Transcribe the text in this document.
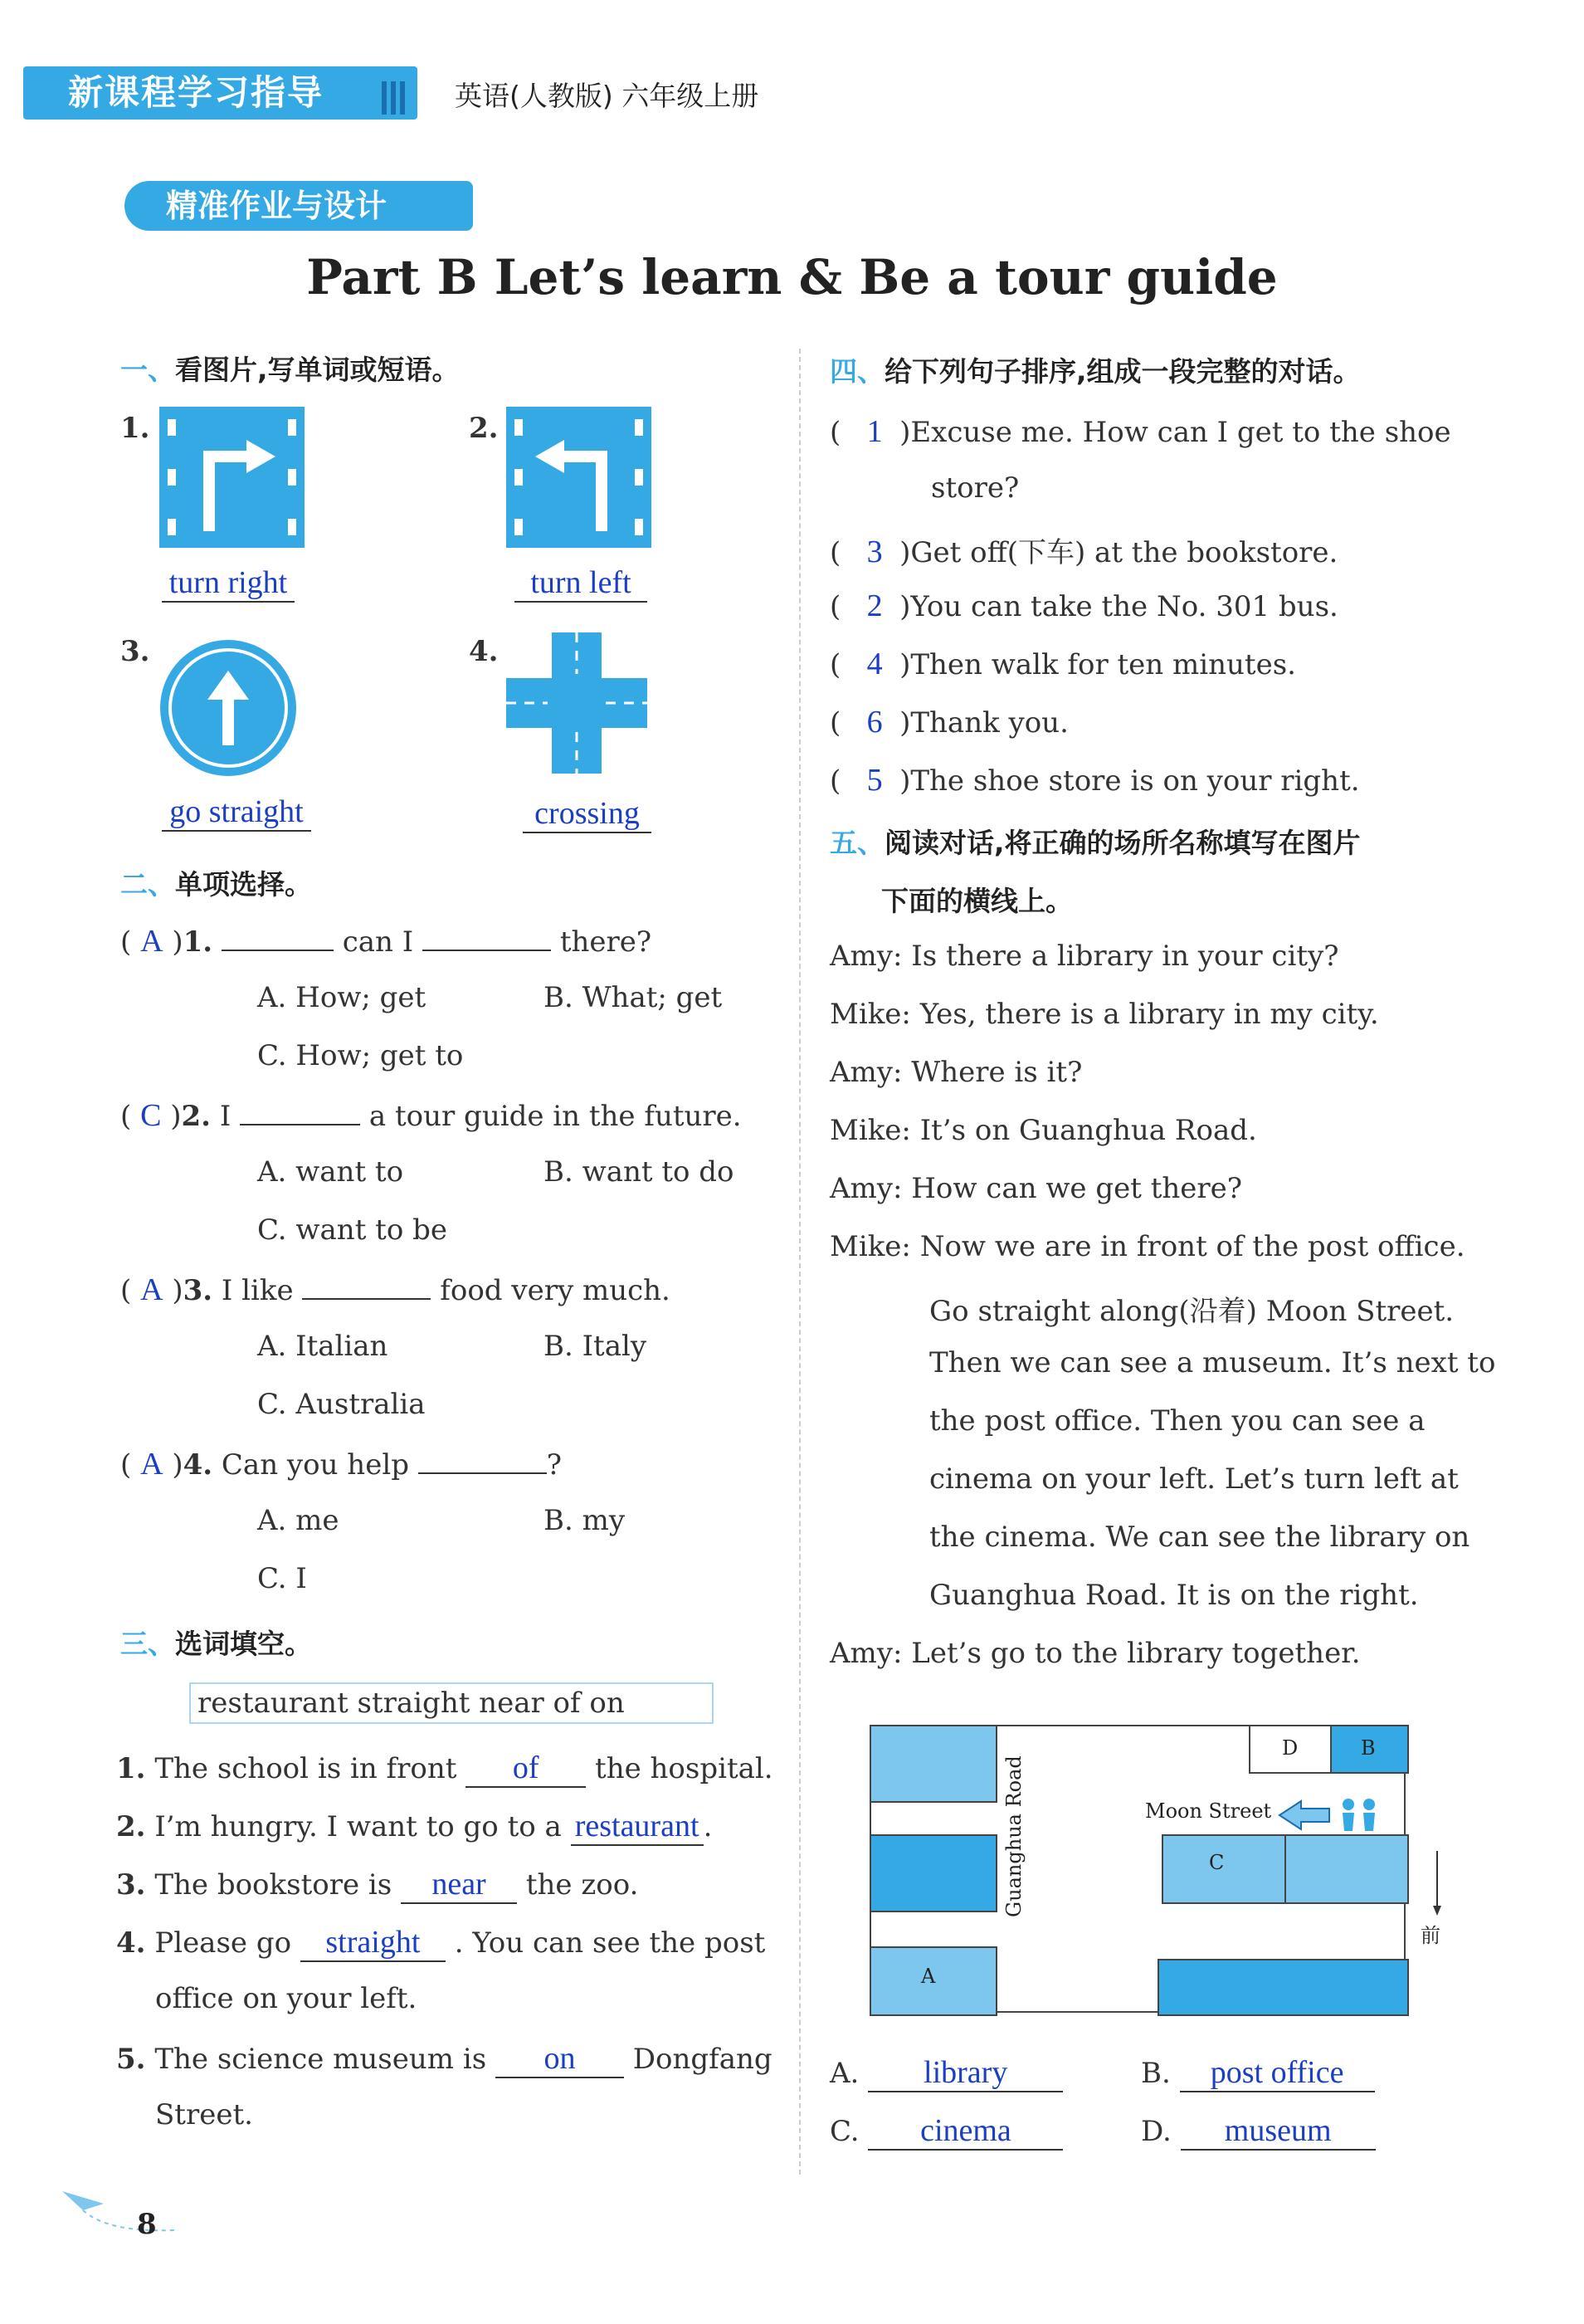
新课程学习指导	英语(人教版) 六年级上册
精准作业与设计
Part B Let’s learn & Be a tour guide
一、看图片,写单词或短语。
1.
turn right
2.
turn left
3.
go straight
4.
crossing
二、单项选择。
( A )1.	can I	there?
A. How; get	B. What; get
C. How; get to
( C )2. I	a tour guide in the future.
A. want to	B. want to do
C. want to be
( A )3. I like	food very much.
A. Italian	B. Italy
C. Australia
( A )4. Can you help	?
A. me	B. my
C. I
三、选词填空。
restaurant straight near of on
1. The school is in front of the hospital.
2. I’m hungry. I want to go to a restaurant .
3. The bookstore is near the zoo.
4. Please go straight . You can see the post
office on your left.
5. The science museum is on Dongfang
Street.
四、给下列句子排序,组成一段完整的对话。
( 1 )Excuse me. How can I get to the shoe
store?
( 3 )Get off(下车) at the bookstore.
( 2 )You can take the No. 301 bus.
( 4 )Then walk for ten minutes.
( 6 )Thank you.
( 5 )The shoe store is on your right.
五、阅读对话,将正确的场所名称填写在图片
下面的横线上。
Amy: Is there a library in your city?
Mike: Yes, there is a library in my city.
Amy: Where is it?
Mike: It’s on Guanghua Road.
Amy: How can we get there?
Mike: Now we are in front of the post office.
Go straight along(沿着) Moon Street.
Then we can see a museum. It’s next to
the post office. Then you can see a
cinema on your left. Let’s turn left at
the cinema. We can see the library on
Guanghua Road. It is on the right.
Amy: Let’s go to the library together.
A
D	B
C
Guanghua Road	Moon Street
前
A. library	B. post office
C. cinema	D. museum
8
